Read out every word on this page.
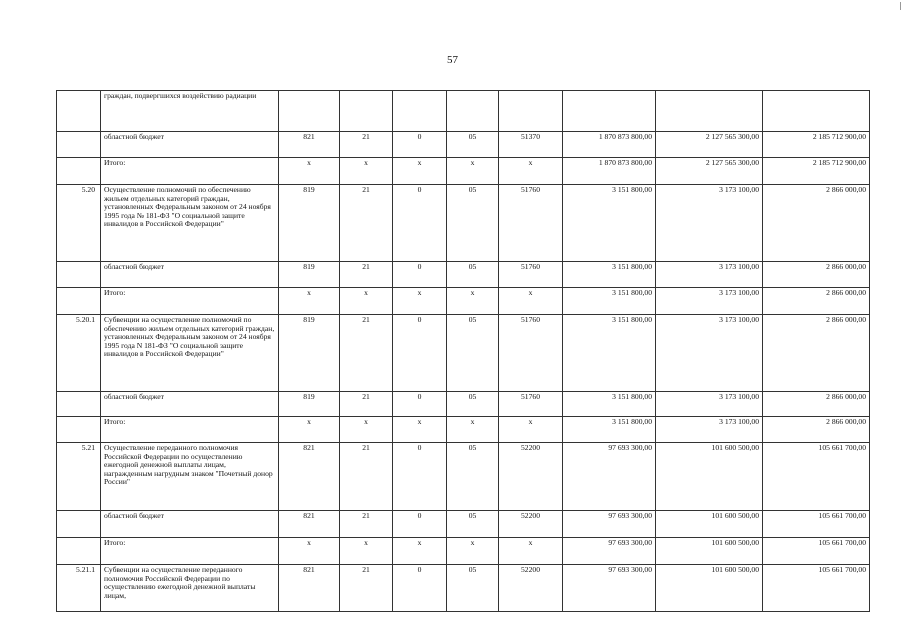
57
	граждан, подвергшихся воздействию радиации								
	областной бюджет	821	21	0	05	51370	1 870 873 800,00	2 127 565 300,00	2 185 712 900,00
	Итого:	х	х	х	х	х	1 870 873 800,00	2 127 565 300,00	2 185 712 900,00
5.20	Осуществление полномочий по обеспечению жильем отдельных категорий граждан, установленных Федеральным законом от 24 ноября 1995 года № 181-ФЗ "О социальной защите инвалидов в Российской Федерации"	819	21	0	05	51760	3 151 800,00	3 173 100,00	2 866 000,00
	областной бюджет	819	21	0	05	51760	3 151 800,00	3 173 100,00	2 866 000,00
	Итого:	х	х	х	х	х	3 151 800,00	3 173 100,00	2 866 000,00
5.20.1	Субвенции на осуществление полномочий по обеспечению жильем отдельных категорий граждан, установленных Федеральным законом от 24 ноября 1995 года N 181-ФЗ "О социальной защите инвалидов в Российской Федерации"	819	21	0	05	51760	3 151 800,00	3 173 100,00	2 866 000,00
	областной бюджет	819	21	0	05	51760	3 151 800,00	3 173 100,00	2 866 000,00
	Итого:	х	х	х	х	х	3 151 800,00	3 173 100,00	2 866 000,00
5.21	Осуществление переданного полномочия Российской Федерации по осуществлению ежегодной денежной выплаты лицам, награжденным нагрудным знаком "Почетный донор России"	821	21	0	05	52200	97 693 300,00	101 600 500,00	105 661 700,00
	областной бюджет	821	21	0	05	52200	97 693 300,00	101 600 500,00	105 661 700,00
	Итого:	х	х	х	х	х	97 693 300,00	101 600 500,00	105 661 700,00
5.21.1	Субвенции на осуществление переданного полномочия Российской Федерации по осуществлению ежегодной денежной выплаты лицам,	821	21	0	05	52200	97 693 300,00	101 600 500,00	105 661 700,00
